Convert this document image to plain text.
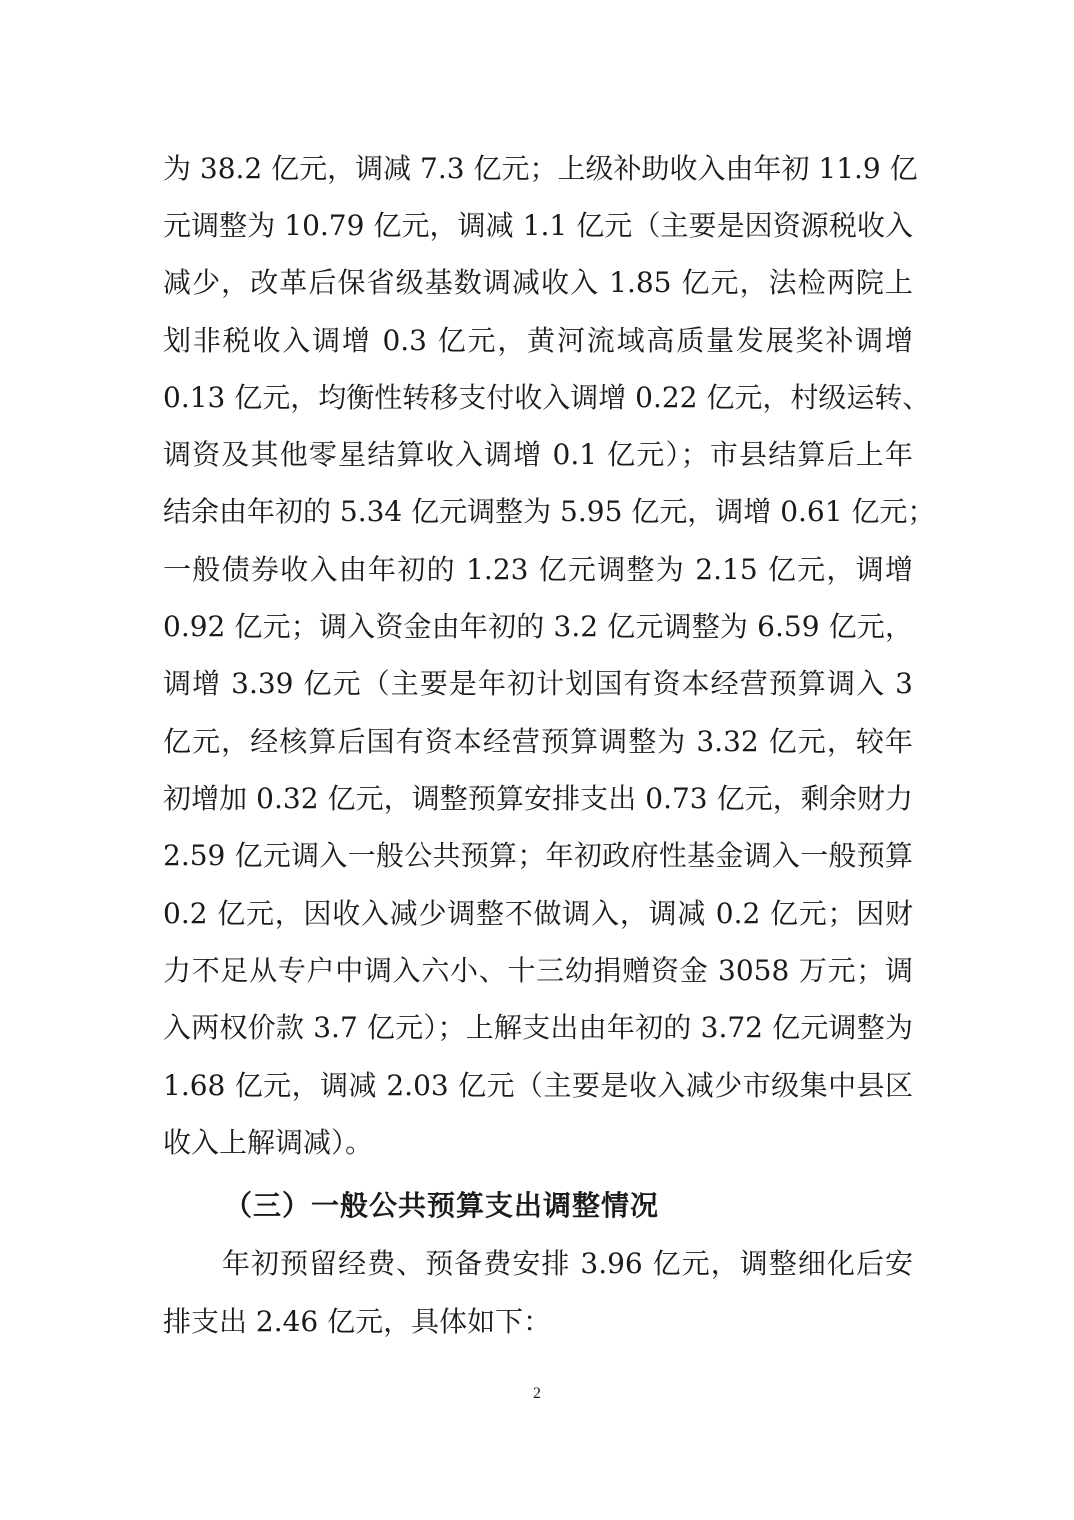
为 38.2 亿元，调减 7.3 亿元；上级补助收入由年初 11.9 亿
元调整为 10.79 亿元，调减 1.1 亿元（主要是因资源税收入
减少，改革后保省级基数调减收入 1.85 亿元，法检两院上
划非税收入调增 0.3 亿元，黄河流域高质量发展奖补调增
0.13 亿元，均衡性转移支付收入调增 0.22 亿元，村级运转、
调资及其他零星结算收入调增 0.1 亿元）；市县结算后上年
结余由年初的 5.34 亿元调整为 5.95 亿元，调增 0.61 亿元；
一般债券收入由年初的 1.23 亿元调整为 2.15 亿元，调增
0.92 亿元；调入资金由年初的 3.2 亿元调整为 6.59 亿元，
调增 3.39 亿元（主要是年初计划国有资本经营预算调入 3
亿元，经核算后国有资本经营预算调整为 3.32 亿元，较年
初增加 0.32 亿元，调整预算安排支出 0.73 亿元，剩余财力
2.59 亿元调入一般公共预算；年初政府性基金调入一般预算
0.2 亿元，因收入减少调整不做调入，调减 0.2 亿元；因财
力不足从专户中调入六小、十三幼捐赠资金 3058 万元；调
入两权价款 3.7 亿元）；上解支出由年初的 3.72 亿元调整为
1.68 亿元，调减 2.03 亿元（主要是收入减少市级集中县区
收入上解调减）。
（三）一般公共预算支出调整情况
年初预留经费、预备费安排 3.96 亿元，调整细化后安
排支出 2.46 亿元，具体如下：
2
